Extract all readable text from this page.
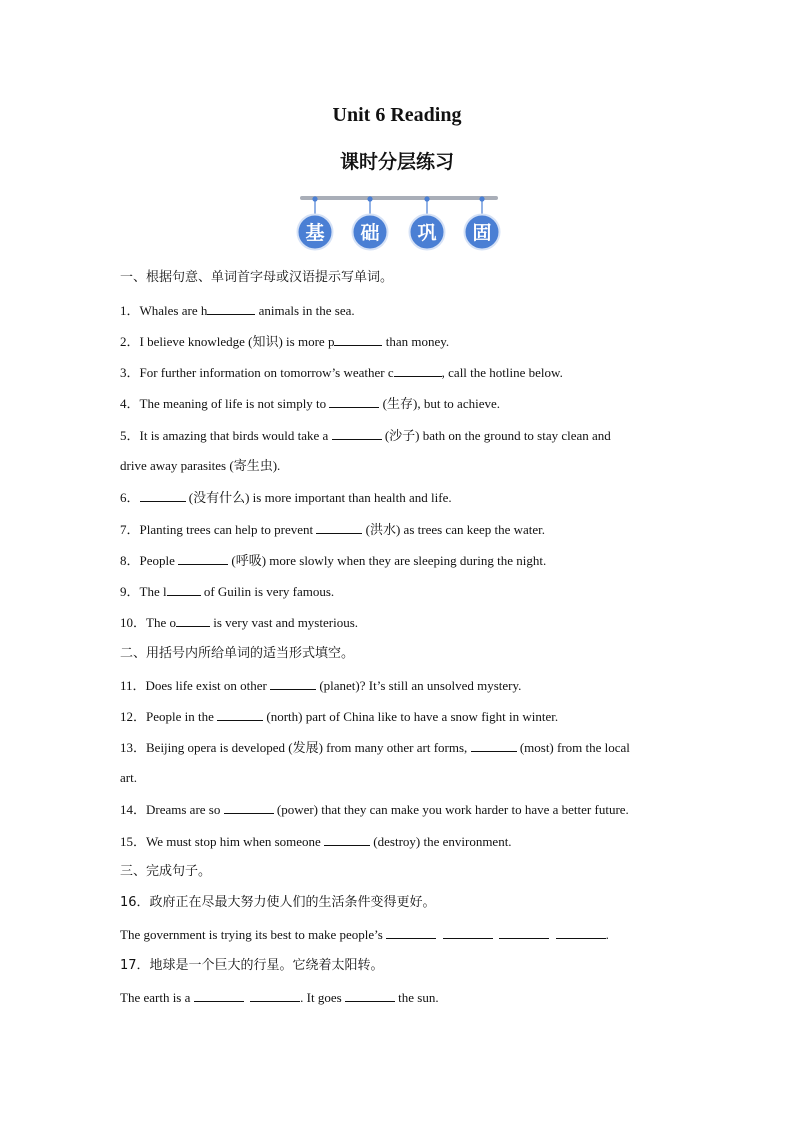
Unit 6 Reading
课时分层练习
基 础 巩 固
一、根据句意、单词首字母或汉语提示写单词。
1．Whales are h	animals in the sea.
2．I believe knowledge (知识) is more p	than money.
3．For further information on tomorrow’s weather c	, call the hotline below.
4．The meaning of life is not simply to	(生存), but to achieve.
5．It is amazing that birds would take a	(沙子) bath on the ground to stay clean and
drive away parasites (寄生虫).
6．	(没有什么) is more important than health and life.
7．Planting trees can help to prevent	(洪水) as trees can keep the water.
8．People	(呼吸) more slowly when they are sleeping during the night.
9．The l	of Guilin is very famous.
10．The o	is very vast and mysterious.
二、用括号内所给单词的适当形式填空。
11．Does life exist on other	(planet)? It’s still an unsolved mystery.
12．People in the	(north) part of China like to have a snow fight in winter.
13．Beijing opera is developed (发展) from many other art forms,	(most) from the local
art.
14．Dreams are so	(power) that they can make you work harder to have a better future.
15．We must stop him when someone	(destroy) the environment.
三、完成句子。
16．政府正在尽最大努力使人们的生活条件变得更好。
The government is trying its best to make people’s	.
17．地球是一个巨大的行星。它绕着太阳转。
The earth is a	. It goes	the sun.
